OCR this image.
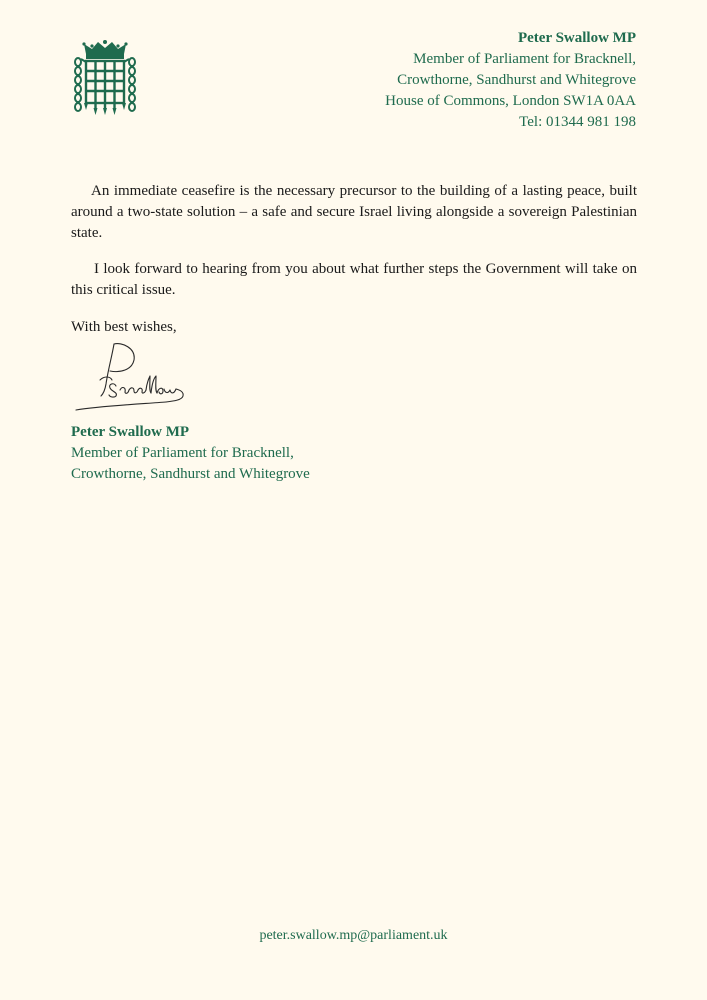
Peter Swallow MP
Member of Parliament for Bracknell,
Crowthorne, Sandhurst and Whitegrove
House of Commons, London SW1A 0AA
Tel: 01344 981 198

An immediate ceasefire is the necessary precursor to the building of a lasting peace, built around a two-state solution – a safe and secure Israel living alongside a sovereign Palestinian state.

I look forward to hearing from you about what further steps the Government will take on this critical issue.

With best wishes,
Peter Swallow MP
Member of Parliament for Bracknell,
Crowthorne, Sandhurst and Whitegrove
peter.swallow.mp@parliament.uk
